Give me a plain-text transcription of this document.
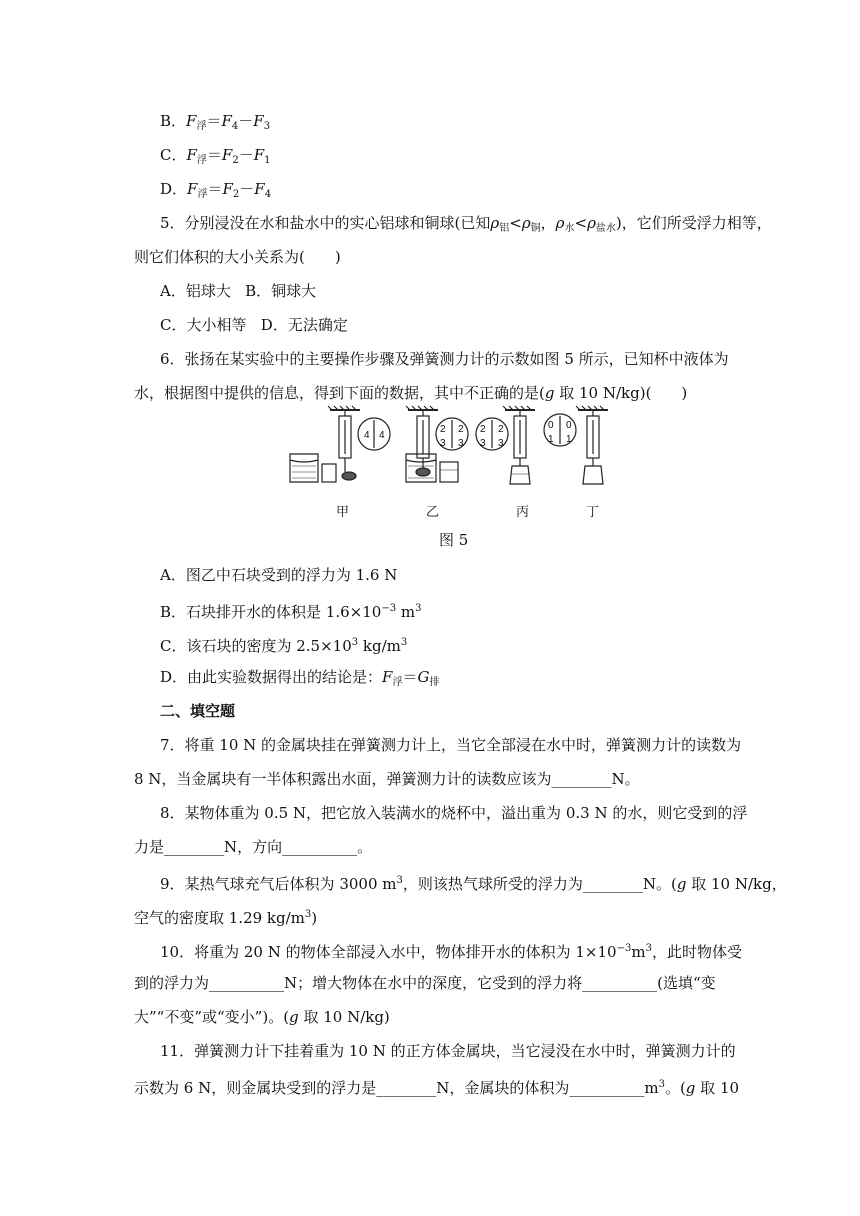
B．$F_浮=F_4-F_3$
C．$F_浮=F_2-F_1$
D．$F_浮=F_2-F_4$
5．分别浸没在水和盐水中的实心铝球和铜球(已知$\rho_铝<\rho_铜$，$\rho_水<\rho_{盐水}$)，它们所受浮力相等，
则它们体积的大小关系为(　　)
A．铝球大 B．铜球大
C．大小相等 D．无法确定
6．张扬在某实验中的主要操作步骤及弹簧测力计的示数如图 5 所示，已知杯中液体为
水，根据图中提供的信息，得到下面的数据，其中不正确的是(g 取 10 N/kg)(　　)
4 4
2 2
3 3
2 2
3 3
0 0
1 1
甲	乙	丙	丁
图 5
A．图乙中石块受到的浮力为 1.6 N
B．石块排开水的体积是 $1.6\times 10^{-3}$ $m^3$
C．该石块的密度为 $2.5\times 10^3$ $kg/m^3$
D．由此实验数据得出的结论是：$F_浮=G_排$
二、填空题
7．将重 10 N 的金属块挂在弹簧测力计上，当它全部浸在水中时，弹簧测力计的读数为
8 N，当金属块有一半体积露出水面，弹簧测力计的读数应该为________N。
8．某物体重为 0.5 N，把它放入装满水的烧杯中，溢出重为 0.3 N 的水，则它受到的浮
力是________N，方向__________。
9．某热气球充气后体积为 3000 $m^3$，则该热气球所受的浮力为________N。(g 取 10 N/kg，
空气的密度取 1.29 $kg/m^3$)
10．将重为 20 N 的物体全部浸入水中，物体排开水的体积为 $1\times 10^{-3}m^3$，此时物体受
到的浮力为__________N；增大物体在水中的深度，它受到的浮力将__________(选填“变
大”“不变”或“变小”)。(g 取 10 N/kg)
11．弹簧测力计下挂着重为 10 N 的正方体金属块，当它浸没在水中时，弹簧测力计的
示数为 6 N，则金属块受到的浮力是________N，金属块的体积为$\_\_\_\_\_\_\_\_\_\_m^3$。(g 取 10
